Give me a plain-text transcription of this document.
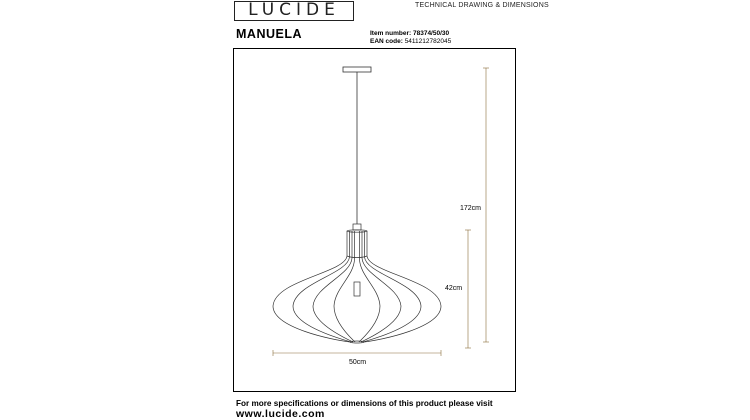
LUCIDE	TECHNICAL DRAWING & DIMENSIONS
MANUELA	Item number: 78374/50/30
EAN code: 5411212782045
172cm
42cm
50cm
For more specifications or dimensions of this product please visit
www.lucide.com
